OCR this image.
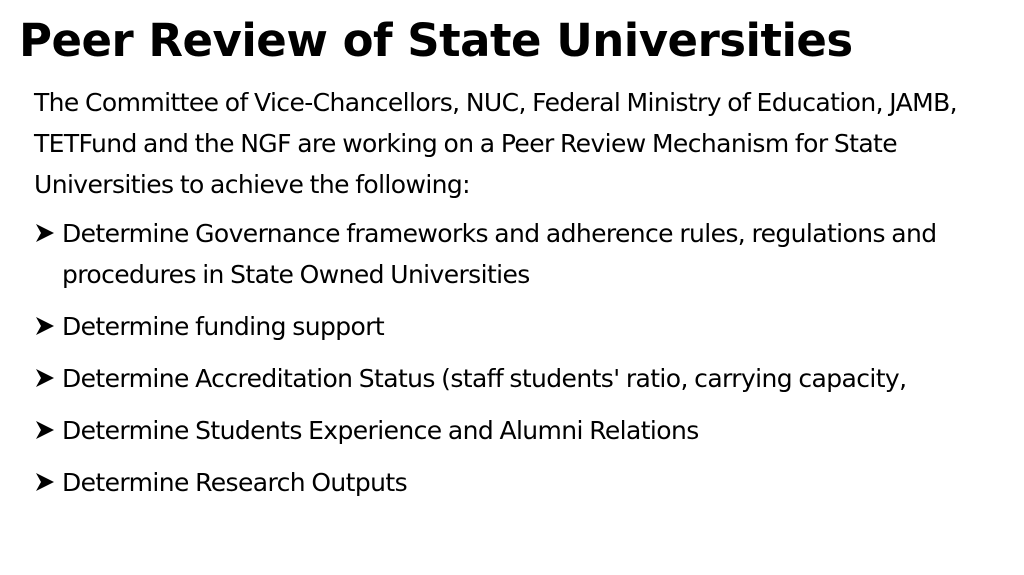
Peer Review of State Universities

The Committee of Vice-Chancellors, NUC, Federal Ministry of Education, JAMB, TETFund and the NGF are working on a Peer Review Mechanism for State Universities to achieve the following:

Determine Governance frameworks and adherence rules, regulations and procedures in State Owned Universities
Determine funding support
Determine Accreditation Status (staff students' ratio, carrying capacity,
Determine Students Experience and Alumni Relations
Determine Research Outputs
